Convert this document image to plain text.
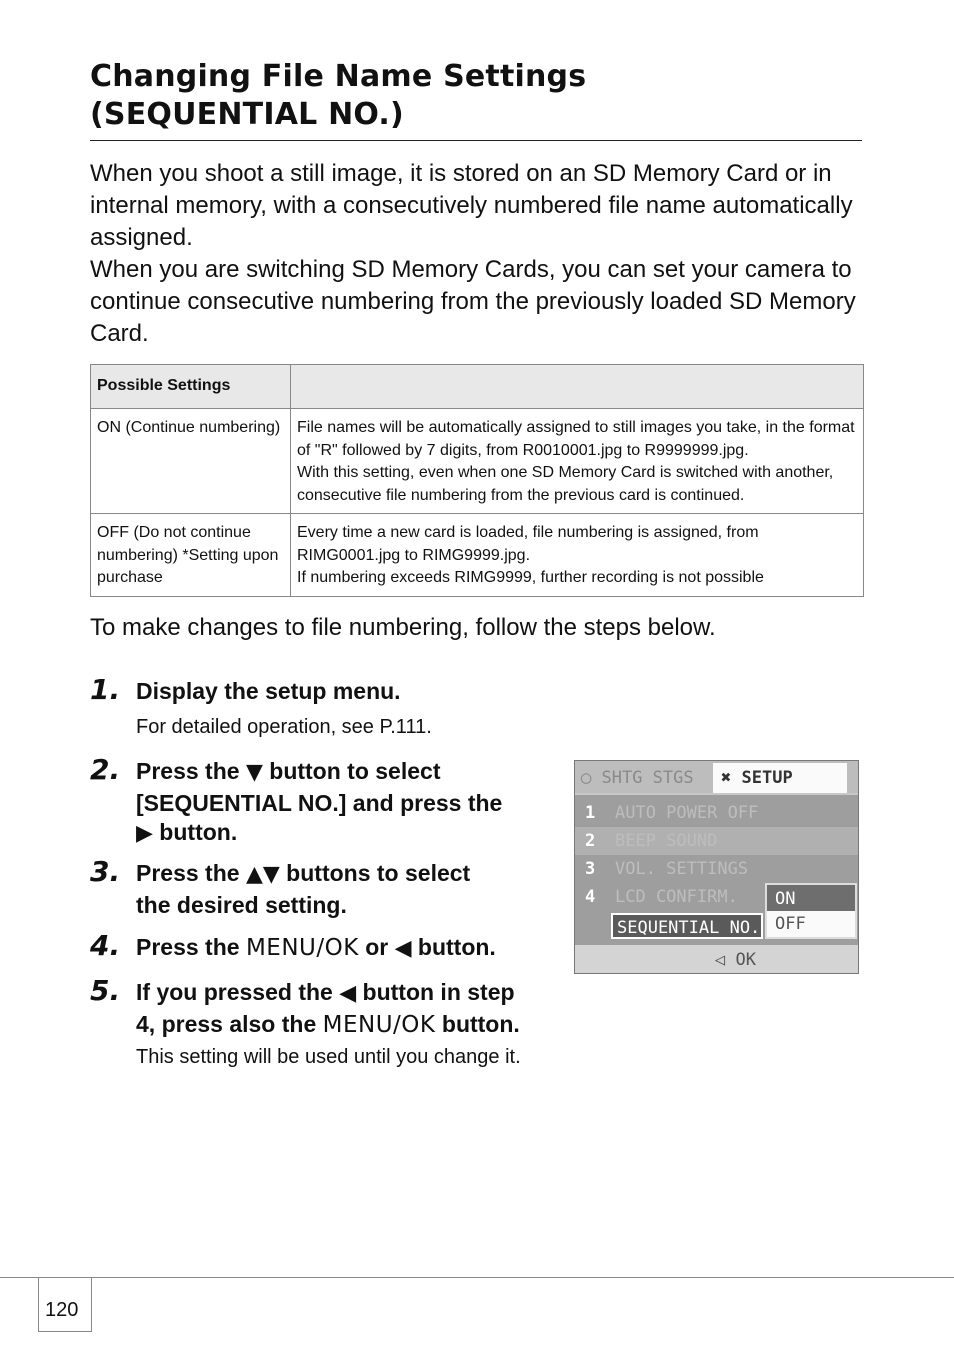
Changing File Name Settings
(SEQUENTIAL NO.)

When you shoot a still image, it is stored on an SD Memory Card or in internal memory, with a consecutively numbered file name automatically assigned.

When you are switching SD Memory Cards, you can set your camera to continue consecutive numbering from the previously loaded SD Memory Card.

Possible Settings	
ON (Continue numbering)	File names will be automatically assigned to still images you take, in the format of "R" followed by 7 digits, from R0010001.jpg to R9999999.jpg.
With this setting, even when one SD Memory Card is switched with another, consecutive file numbering from the previous card is continued.

OFF (Do not continue numbering) *Setting upon purchase	Every time a new card is loaded, file numbering is assigned, from RIMG0001.jpg to RIMG9999.jpg.
If numbering exceeds RIMG9999, further recording is not possible

To make changes to file numbering, follow the steps below.

1. Display the setup menu.
For detailed operation, see P.111.
2. Press the ▼ button to select
[SEQUENTIAL NO.] and press the
▶ button.
3. Press the ▲▼ buttons to select
the desired setting.
4. Press the MENU/OK or ◀ button.
5. If you pressed the ◀ button in step
4, press also the MENU/OK button.
This setting will be used until you change it.
◯ SHTG STGS	✖ SETUP
1	AUTO POWER OFF
2	BEEP SOUND
3	VOL. SETTINGS
4	LCD CONFIRM.
SEQUENTIAL NO.
ON
OFF
◁ OK
120
